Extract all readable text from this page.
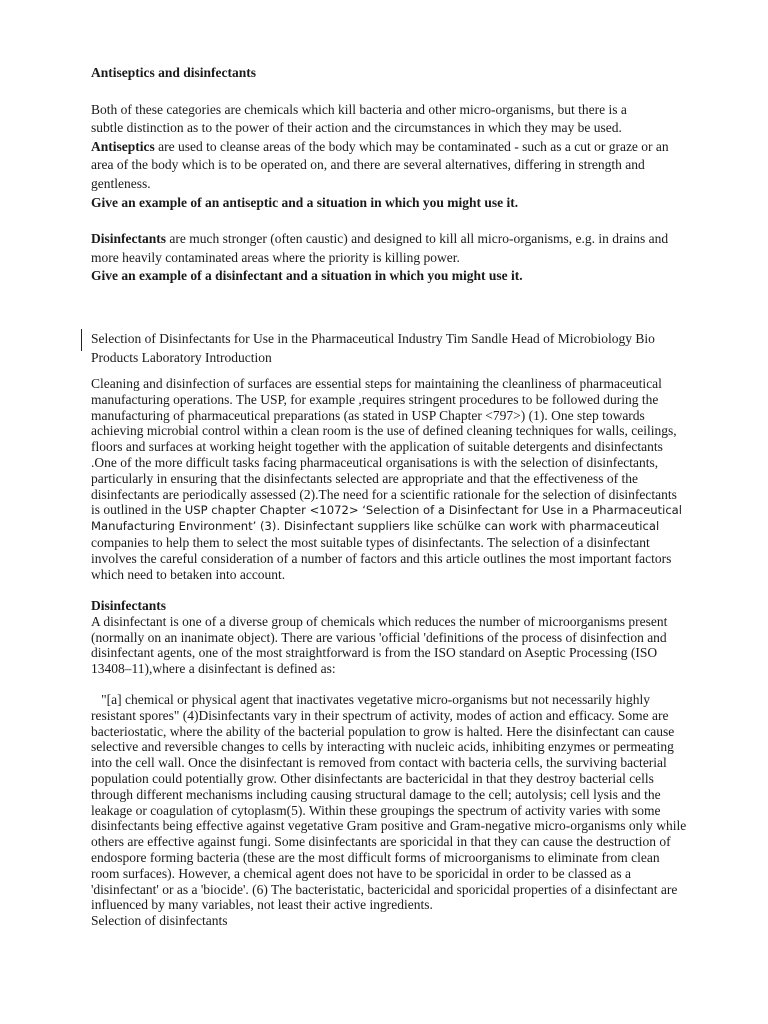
Antiseptics and disinfectants

Both of these categories are chemicals which kill bacteria and other micro-organisms, but there is a

subtle distinction as to the power of their action and the circumstances in which they may be used.

Antiseptics are used to cleanse areas of the body which may be contaminated - such as a cut or graze or an

area of the body which is to be operated on, and there are several alternatives, differing in strength and

gentleness.

Give an example of an antiseptic and a situation in which you might use it.

Disinfectants are much stronger (often caustic) and designed to kill all micro-organisms, e.g. in drains and

more heavily contaminated areas where the priority is killing power.

Give an example of a disinfectant and a situation in which you might use it.

Selection of Disinfectants for Use in the Pharmaceutical Industry Tim Sandle Head of Microbiology Bio

Products Laboratory Introduction

Cleaning and disinfection of surfaces are essential steps for maintaining the cleanliness of pharmaceutical

manufacturing operations. The USP, for example ,requires stringent procedures to be followed during the

manufacturing of pharmaceutical preparations (as stated in USP Chapter <797>) (1). One step towards

achieving microbial control within a clean room is the use of defined cleaning techniques for walls, ceilings,

floors and surfaces at working height together with the application of suitable detergents and disinfectants

.One of the more difficult tasks facing pharmaceutical organisations is with the selection of disinfectants,

particularly in ensuring that the disinfectants selected are appropriate and that the effectiveness of the

disinfectants are periodically assessed (2).The need for a scientific rationale for the selection of disinfectants

is outlined in the USP chapter Chapter <1072> ‘Selection of a Disinfectant for Use in a Pharmaceutical

Manufacturing Environment’ (3). Disinfectant suppliers like schülke can work with pharmaceutical

companies to help them to select the most suitable types of disinfectants. The selection of a disinfectant

involves the careful consideration of a number of factors and this article outlines the most important factors

which need to betaken into account.

Disinfectants

A disinfectant is one of a diverse group of chemicals which reduces the number of microorganisms present

(normally on an inanimate object). There are various 'official 'definitions of the process of disinfection and

disinfectant agents, one of the most straightforward is from the ISO standard on Aseptic Processing (ISO

13408–11),where a disinfectant is defined as:

"[a] chemical or physical agent that inactivates vegetative micro-organisms but not necessarily highly

resistant spores" (4)Disinfectants vary in their spectrum of activity, modes of action and efficacy. Some are

bacteriostatic, where the ability of the bacterial population to grow is halted. Here the disinfectant can cause

selective and reversible changes to cells by interacting with nucleic acids, inhibiting enzymes or permeating

into the cell wall. Once the disinfectant is removed from contact with bacteria cells, the surviving bacterial

population could potentially grow. Other disinfectants are bactericidal in that they destroy bacterial cells

through different mechanisms including causing structural damage to the cell; autolysis; cell lysis and the

leakage or coagulation of cytoplasm(5). Within these groupings the spectrum of activity varies with some

disinfectants being effective against vegetative Gram positive and Gram-negative micro-organisms only while

others are effective against fungi. Some disinfectants are sporicidal in that they can cause the destruction of

endospore forming bacteria (these are the most difficult forms of microorganisms to eliminate from clean

room surfaces). However, a chemical agent does not have to be sporicidal in order to be classed as a

'disinfectant' or as a 'biocide'. (6) The bacteristatic, bactericidal and sporicidal properties of a disinfectant are

influenced by many variables, not least their active ingredients.

Selection of disinfectants
